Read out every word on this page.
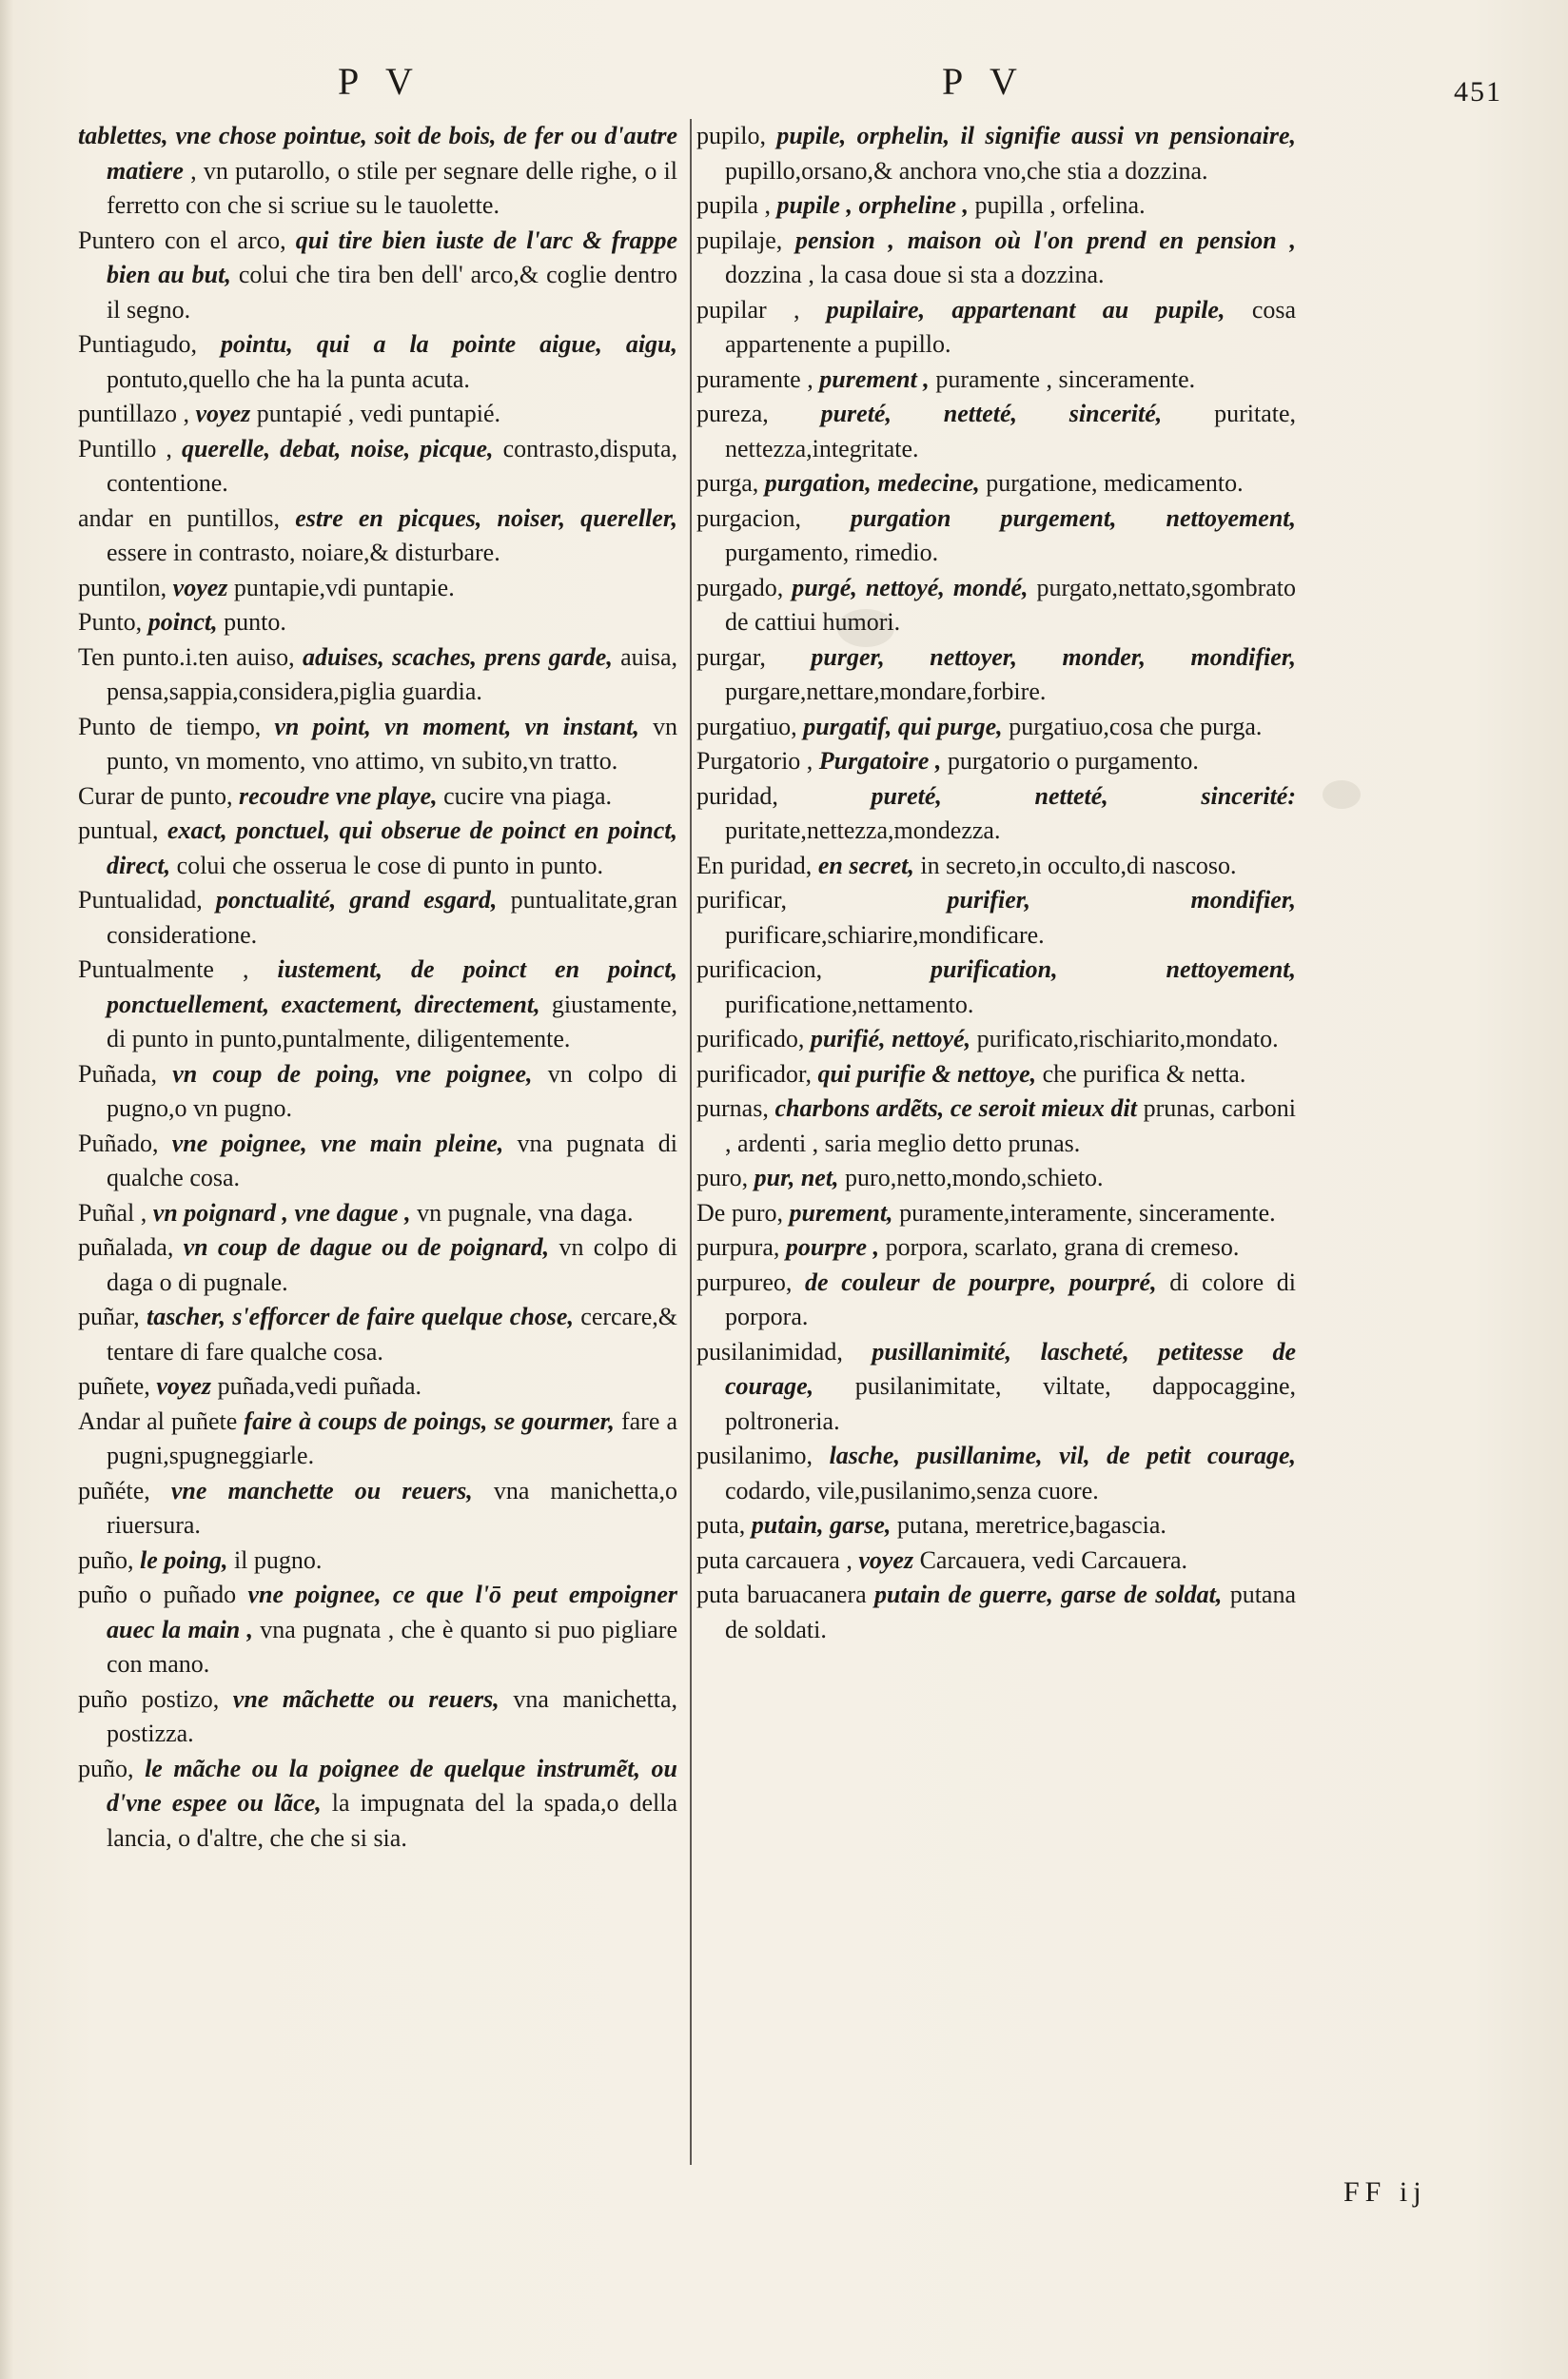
P V	P V	451

tablettes, vne chose pointue, soit de bois, de fer ou d'autre matiere , vn putarollo, o stile per segnare delle righe, o il ferretto con che si scriue su le tauolette.

Puntero con el arco, qui tire bien iuste de l'arc & frappe bien au but, colui che tira ben dell' arco,& coglie dentro il segno.

Puntiagudo, pointu, qui a la pointe aigue, aigu, pontuto,quello che ha la punta acuta.

puntillazo , voyez puntapié , vedi puntapié.

Puntillo , querelle, debat, noise, picque, contrasto,disputa, contentione.

andar en puntillos, estre en picques, noiser, quereller, essere in contrasto, noiare,& disturbare.

puntilon, voyez puntapie,vdi puntapie.

Punto, poinct, punto.

Ten punto.i.ten auiso, aduises, scaches, prens garde, auisa, pensa,sappia,considera,piglia guardia.

Punto de tiempo, vn point, vn moment, vn instant, vn punto, vn momento, vno attimo, vn subito,vn tratto.

Curar de punto, recoudre vne playe, cucire vna piaga.

puntual, exact, ponctuel, qui obserue de poinct en poinct, direct, colui che osserua le cose di punto in punto.

Puntualidad, ponctualité, grand esgard, puntualitate,gran consideratione.

Puntualmente , iustement, de poinct en poinct, ponctuellement, exactement, directement, giustamente, di punto in punto,puntalmente, diligentemente.

Puñada, vn coup de poing, vne poignee, vn colpo di pugno,o vn pugno.

Puñado, vne poignee, vne main pleine, vna pugnata di qualche cosa.

Puñal , vn poignard , vne dague , vn pugnale, vna daga.

puñalada, vn coup de dague ou de poignard, vn colpo di daga o di pugnale.

puñar, tascher, s'efforcer de faire quelque chose, cercare,& tentare di fare qualche cosa.

puñete, voyez puñada,vedi puñada.

Andar al puñete faire à coups de poings, se gourmer, fare a pugni,spugneggiarle.

puñéte, vne manchette ou reuers, vna manichetta,o riuersura.

puño, le poing, il pugno.

puño o puñado vne poignee, ce que l'ō peut empoigner auec la main , vna pugnata , che è quanto si puo pigliare con mano.

puño postizo, vne mãchette ou reuers, vna manichetta, postizza.

puño, le mãche ou la poignee de quelque instrumẽt, ou d'vne espee ou lãce, la impugnata del la spada,o della lancia, o d'altre, che che si sia.

pupilo, pupile, orphelin, il signifie aussi vn pensionaire, pupillo,orsano,& anchora vno,che stia a dozzina.

pupila , pupile , orpheline , pupilla , orfelina.

pupilaje, pension , maison où l'on prend en pension , dozzina , la casa doue si sta a dozzina.

pupilar , pupilaire, appartenant au pupile, cosa appartenente a pupillo.

puramente , purement , puramente , sinceramente.

pureza, pureté, netteté, sincerité, puritate, nettezza,integritate.

purga, purgation, medecine, purgatione, medicamento.

purgacion, purgation purgement, nettoyement, purgamento, rimedio.

purgado, purgé, nettoyé, mondé, purgato,nettato,sgombrato de cattiui humori.

purgar, purger, nettoyer, monder, mondifier, purgare,nettare,mondare,forbire.

purgatiuo, purgatif, qui purge, purgatiuo,cosa che purga.

Purgatorio , Purgatoire , purgatorio o purgamento.

puridad,	pureté, netteté, sincerité: puritate,nettezza,mondezza.

En puridad, en secret, in secreto,in occulto,di nascoso.

purificar,	purifier, mondifier, purificare,schiarire,mondificare.

purificacion,	purification, nettoyement, purificatione,nettamento.

purificado, purifié, nettoyé, purificato,rischiarito,mondato.

purificador, qui purifie & nettoye, che purifica & netta.

purnas, charbons ardẽts, ce seroit mieux dit prunas, carboni , ardenti , saria meglio detto prunas.

puro, pur, net, puro,netto,mondo,schieto.

De puro, purement, puramente,interamente, sinceramente.

purpura, pourpre , porpora, scarlato, grana di cremeso.

purpureo, de couleur de pourpre, pourpré, di colore di porpora.

pusilanimidad, pusillanimité, lascheté, petitesse de courage, pusilanimitate, viltate, dappocaggine, poltroneria.

pusilanimo, lasche, pusillanime, vil, de petit courage, codardo, vile,pusilanimo,senza cuore.

puta, putain, garse, putana, meretrice,bagascia.

puta carcauera , voyez Carcauera, vedi Carcauera.

puta baruacanera putain de guerre, garse de soldat, putana de soldati.

FF ij
